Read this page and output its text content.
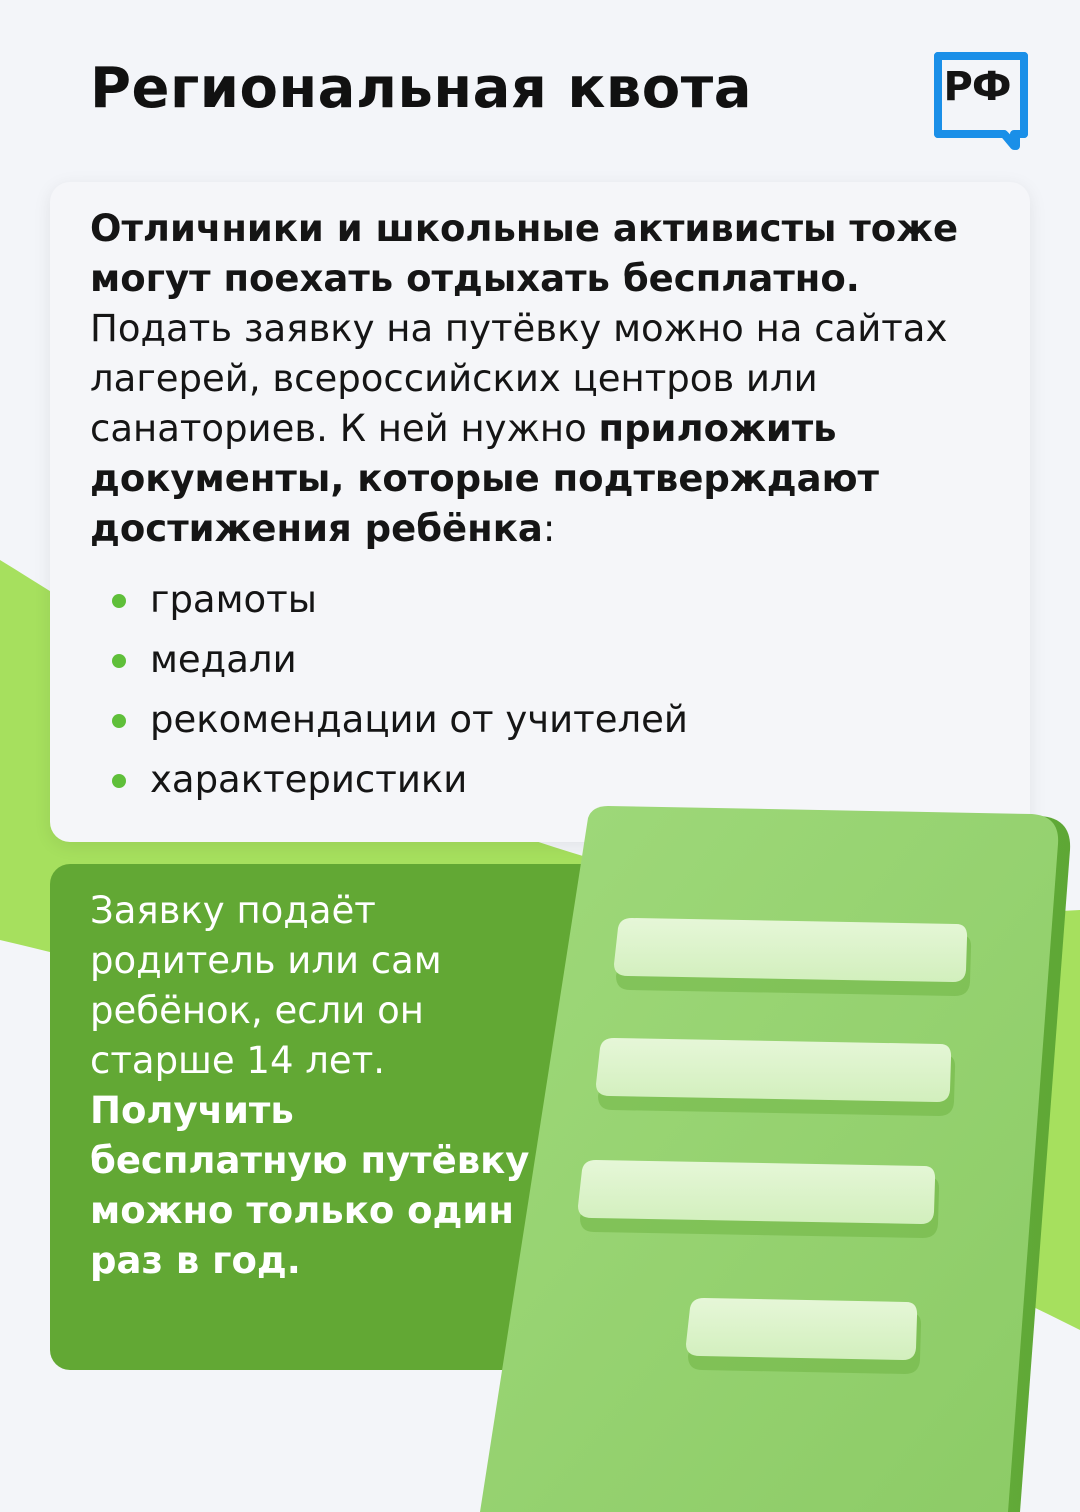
Региональная квота	РФ

Отличники и школьные активисты тоже могут поехать отдыхать бесплатно. Подать заявку на путёвку можно на сайтах лагерей, всероссийских центров или санаториев. К ней нужно приложить документы, которые подтверждают достижения ребёнка:

грамоты
медали
рекомендации от учителей
характеристики

Заявку подаёт родитель или сам ребёнок, если он старше 14 лет. Получить бесплатную путёвку можно только один раз в год.
